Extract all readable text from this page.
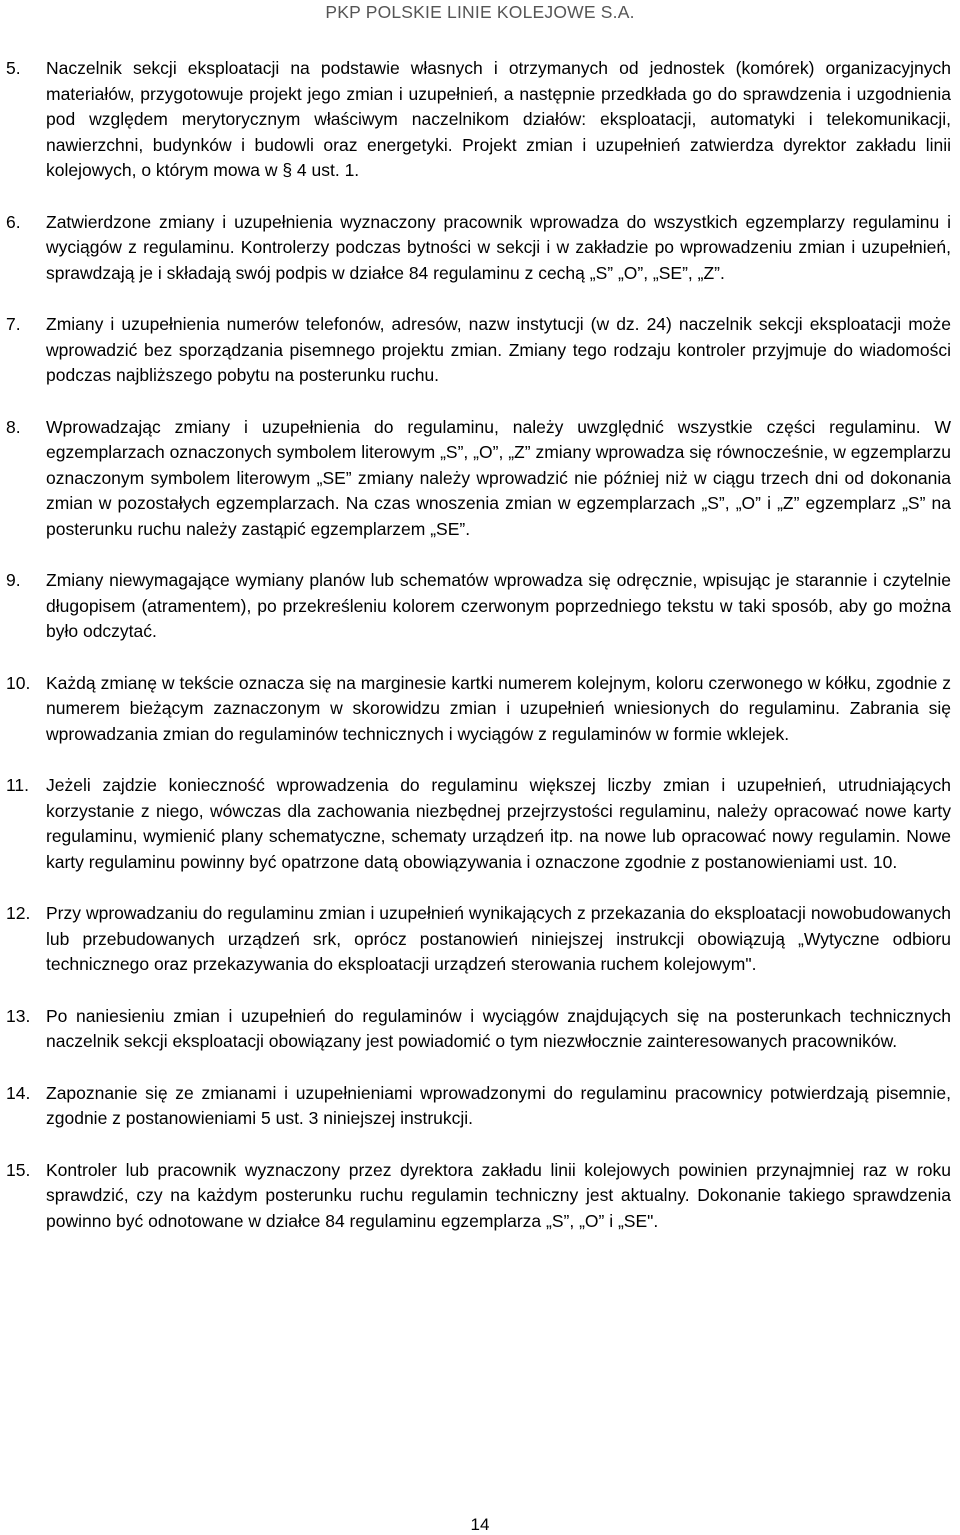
PKP POLSKIE LINIE KOLEJOWE S.A.
5.	Naczelnik sekcji eksploatacji na podstawie własnych i otrzymanych od jednostek (komórek) organizacyjnych materiałów, przygotowuje projekt jego zmian i uzupełnień, a następnie przedkłada go do sprawdzenia i uzgodnienia pod względem merytorycznym właściwym naczelnikom działów: eksploatacji, automatyki i telekomunikacji, nawierzchni, budynków i budowli oraz energetyki. Projekt zmian i uzupełnień zatwierdza dyrektor zakładu linii kolejowych, o którym mowa w § 4 ust. 1.
6.	Zatwierdzone zmiany i uzupełnienia wyznaczony pracownik wprowadza do wszystkich egzemplarzy regulaminu i wyciągów z regulaminu. Kontrolerzy podczas bytności w sekcji i w zakładzie po wprowadzeniu zmian i uzupełnień, sprawdzają je i składają swój podpis w działce 84 regulaminu z cechą „S” „O”, „SE”, „Z”.
7.	Zmiany i uzupełnienia numerów telefonów, adresów, nazw instytucji (w dz. 24) naczelnik sekcji eksploatacji może wprowadzić bez sporządzania pisemnego projektu zmian. Zmiany tego rodzaju kontroler przyjmuje do wiadomości podczas najbliższego pobytu na posterunku ruchu.
8.	Wprowadzając zmiany i uzupełnienia do regulaminu, należy uwzględnić wszystkie części regulaminu. W egzemplarzach oznaczonych symbolem literowym „S”, „O”, „Z” zmiany wprowadza się równocześnie, w egzemplarzu oznaczonym symbolem literowym „SE” zmiany należy wprowadzić nie później niż w ciągu trzech dni od dokonania zmian w pozostałych egzemplarzach. Na czas wnoszenia zmian w egzemplarzach „S”, „O” i „Z” egzemplarz „S” na posterunku ruchu należy zastąpić egzemplarzem „SE”.
9.	Zmiany niewymagające wymiany planów lub schematów wprowadza się odręcznie, wpisując je starannie i czytelnie długopisem (atramentem), po przekreśleniu kolorem czerwonym poprzedniego tekstu w taki sposób, aby go można było odczytać.
10. Każdą zmianę w tekście oznacza się na marginesie kartki numerem kolejnym, koloru czerwonego w kółku, zgodnie z numerem bieżącym zaznaczonym w skorowidzu zmian i uzupełnień wniesionych do regulaminu. Zabrania się wprowadzania zmian do regulaminów technicznych i wyciągów z regulaminów w formie wklejek.
11. Jeżeli zajdzie konieczność wprowadzenia do regulaminu większej liczby zmian i uzupełnień, utrudniających korzystanie z niego, wówczas dla zachowania niezbędnej przejrzystości regulaminu, należy opracować nowe karty regulaminu, wymienić plany schematyczne, schematy urządzeń itp. na nowe lub opracować nowy regulamin. Nowe karty regulaminu powinny być opatrzone datą obowiązywania i oznaczone zgodnie z postanowieniami ust. 10.
12. Przy wprowadzaniu do regulaminu zmian i uzupełnień wynikających z przekazania do eksploatacji nowobudowanych lub przebudowanych urządzeń srk, oprócz postanowień niniejszej instrukcji obowiązują „Wytyczne odbioru technicznego oraz przekazywania do eksploatacji urządzeń sterowania ruchem kolejowym".
13. Po naniesieniu zmian i uzupełnień do regulaminów i wyciągów znajdujących się na posterunkach technicznych naczelnik sekcji eksploatacji obowiązany jest powiadomić o tym niezwłocznie zainteresowanych pracowników.
14. Zapoznanie się ze zmianami i uzupełnieniami wprowadzonymi do regulaminu pracownicy potwierdzają pisemnie, zgodnie z postanowieniami 5 ust. 3 niniejszej instrukcji.
15. Kontroler lub pracownik wyznaczony przez dyrektora zakładu linii kolejowych powinien przynajmniej raz w roku sprawdzić, czy na każdym posterunku ruchu regulamin techniczny jest aktualny. Dokonanie takiego sprawdzenia powinno być odnotowane w działce 84 regulaminu egzemplarza „S”, „O” i „SE".
14
